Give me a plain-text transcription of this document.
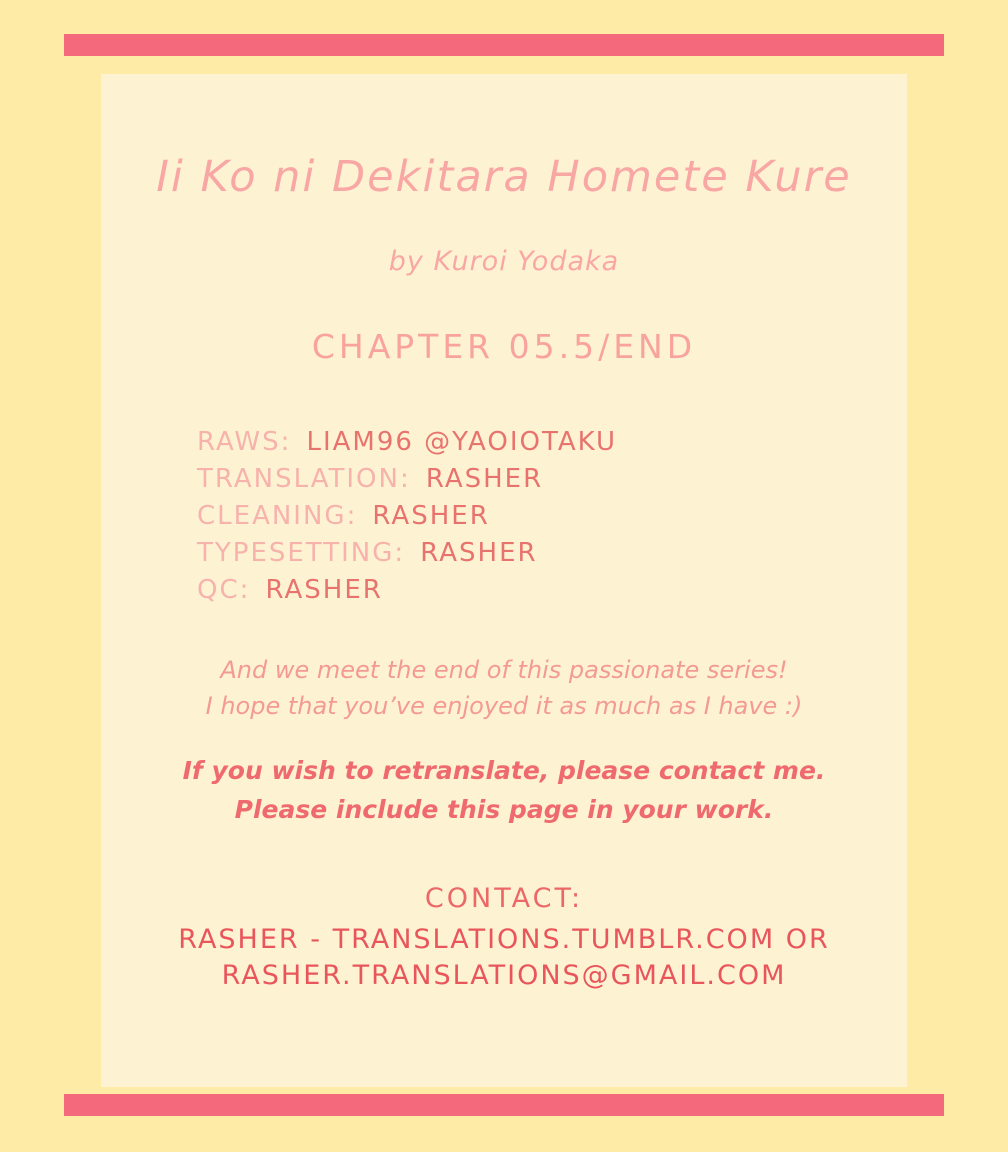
Ii Ko ni Dekitara Homete Kure
by Kuroi Yodaka
CHAPTER 05.5/END
RAWS: LIAM96 @YAOIOTAKU
TRANSLATION: RASHER
CLEANING: RASHER
TYPESETTING: RASHER
QC: RASHER
And we meet the end of this passionate series!
I hope that you’ve enjoyed it as much as I have :)
If you wish to retranslate, please contact me.
Please include this page in your work.
CONTACT:
RASHER - TRANSLATIONS.TUMBLR.COM OR
RASHER.TRANSLATIONS@GMAIL.COM
